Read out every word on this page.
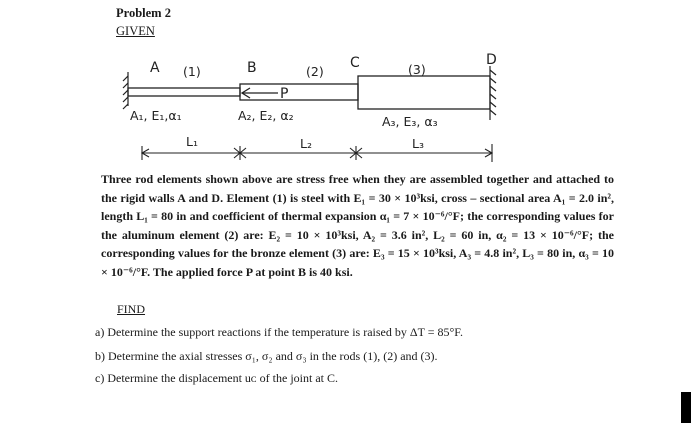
Problem 2
GIVEN
A	B	C	D
(1)	(2)	(3)
P
A₁, E₁,α₁	A₂, E₂, α₂	A₃, E₃, α₃
L₁	L₂	L₃
Three rod elements shown above are stress free when they are assembled together and attached to the rigid walls A and D. Element (1) is steel with E₁ = 30 × 10³ksi, cross – sectional area A₁ = 2.0 in², length L₁ = 80 in and coefficient of thermal expansion α₁ = 7 × 10⁻⁶/°F; the corresponding values for the aluminum element (2) are: E₂ = 10 × 10³ksi, A₂ = 3.6 in², L₂ = 60 in, α₂ = 13 × 10⁻⁶/°F; the corresponding values for the bronze element (3) are: E₃ = 15 × 10³ksi, A₃ = 4.8 in², L₃ = 80 in, α₃ = 10 × 10⁻⁶/°F. The applied force P at point B is 40 ksi.
FIND
a) Determine the support reactions if the temperature is raised by ΔT = 85°F.
b) Determine the axial stresses σ₁, σ₂ and σ₃ in the rods (1), (2) and (3).
c) Determine the displacement uᴄ of the joint at C.
